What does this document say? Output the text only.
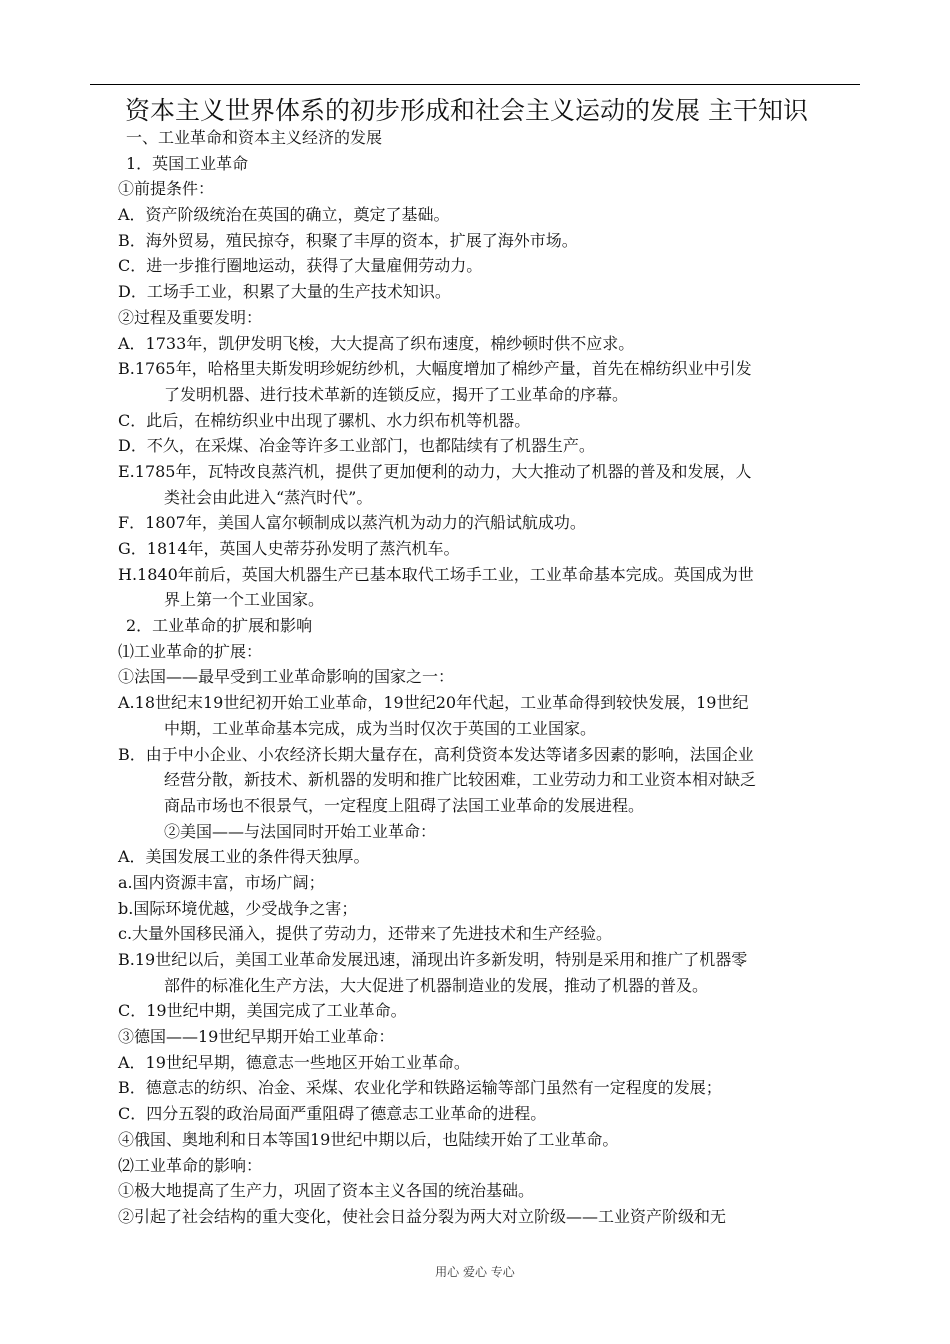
资本主义世界体系的初步形成和社会主义运动的发展 主干知识
一、工业革命和资本主义经济的发展
1．英国工业革命
①前提条件：
A．资产阶级统治在英国的确立，奠定了基础。
B．海外贸易，殖民掠夺，积聚了丰厚的资本，扩展了海外市场。
C．进一步推行圈地运动，获得了大量雇佣劳动力。
D．工场手工业，积累了大量的生产技术知识。
②过程及重要发明：
A．1733年，凯伊发明飞梭，大大提高了织布速度，棉纱顿时供不应求。
B.1765年，哈格里夫斯发明珍妮纺纱机，大幅度增加了棉纱产量，首先在棉纺织业中引发
了发明机器、进行技术革新的连锁反应，揭开了工业革命的序幕。
C．此后，在棉纺织业中出现了骡机、水力织布机等机器。
D．不久，在采煤、冶金等许多工业部门，也都陆续有了机器生产。
E.1785年，瓦特改良蒸汽机，提供了更加便利的动力，大大推动了机器的普及和发展，人
类社会由此进入“蒸汽时代”。
F．1807年，美国人富尔顿制成以蒸汽机为动力的汽船试航成功。
G．1814年，英国人史蒂芬孙发明了蒸汽机车。
H.1840年前后，英国大机器生产已基本取代工场手工业，工业革命基本完成。英国成为世
界上第一个工业国家。
2．工业革命的扩展和影响
⑴工业革命的扩展：
①法国——最早受到工业革命影响的国家之一：
A.18世纪末19世纪初开始工业革命，19世纪20年代起，工业革命得到较快发展，19世纪
中期，工业革命基本完成，成为当时仅次于英国的工业国家。
B．由于中小企业、小农经济长期大量存在，高利贷资本发达等诸多因素的影响，法国企业
经营分散，新技术、新机器的发明和推广比较困难，工业劳动力和工业资本相对缺乏
商品市场也不很景气，一定程度上阻碍了法国工业革命的发展进程。
②美国——与法国同时开始工业革命：
A．美国发展工业的条件得天独厚。
a.国内资源丰富，市场广阔；
b.国际环境优越，少受战争之害；
c.大量外国移民涌入，提供了劳动力，还带来了先进技术和生产经验。
B.19世纪以后，美国工业革命发展迅速，涌现出许多新发明，特别是采用和推广了机器零
部件的标准化生产方法，大大促进了机器制造业的发展，推动了机器的普及。
C．19世纪中期，美国完成了工业革命。
③德国——19世纪早期开始工业革命：
A．19世纪早期，德意志一些地区开始工业革命。
B．德意志的纺织、冶金、采煤、农业化学和铁路运输等部门虽然有一定程度的发展；
C．四分五裂的政治局面严重阻碍了德意志工业革命的进程。
④俄国、奥地利和日本等国19世纪中期以后，也陆续开始了工业革命。
⑵工业革命的影响：
①极大地提高了生产力，巩固了资本主义各国的统治基础。
②引起了社会结构的重大变化，使社会日益分裂为两大对立阶级——工业资产阶级和无
用心 爱心 专心
